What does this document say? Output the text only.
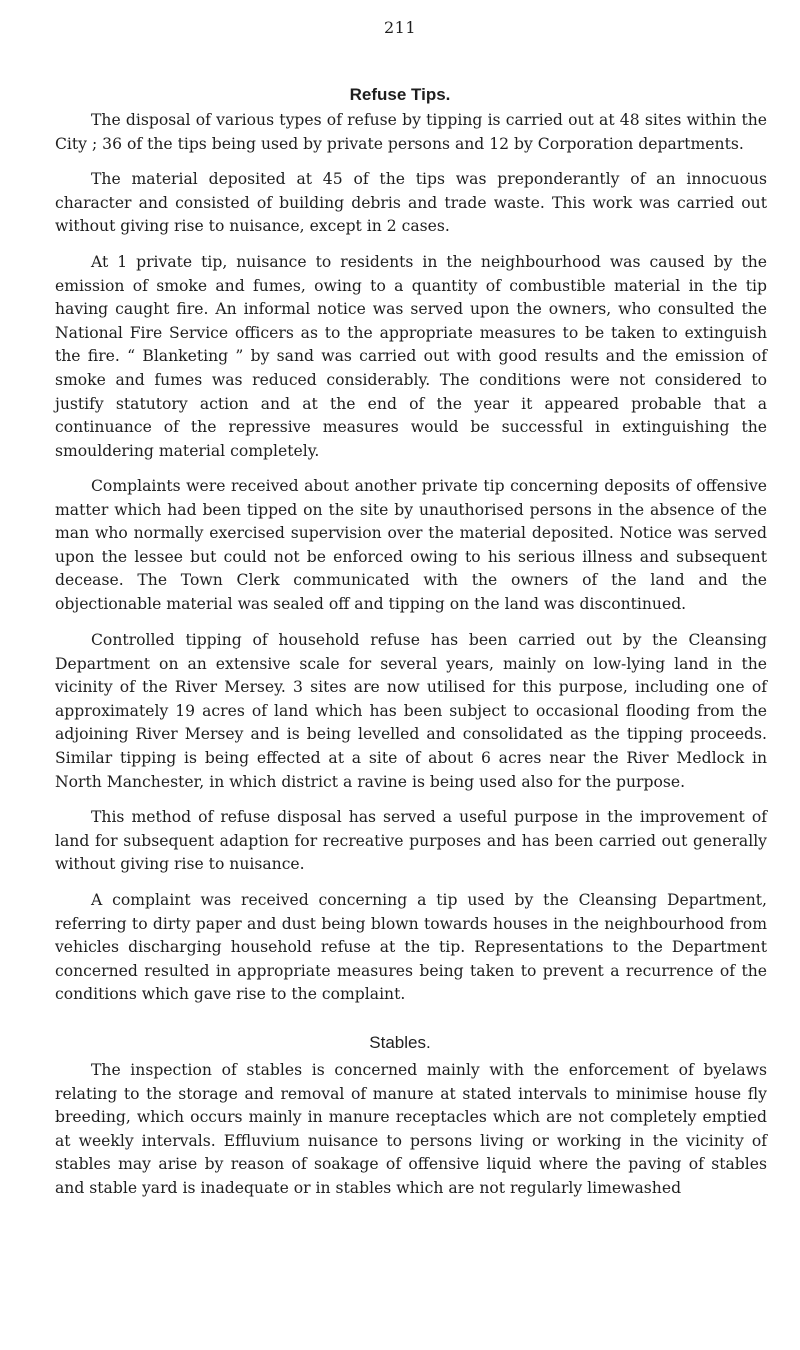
211
Refuse Tips.

The disposal of various types of refuse by tipping is carried out at 48 sites within the City ; 36 of the tips being used by private persons and 12 by Corporation departments.

The material deposited at 45 of the tips was preponderantly of an innocuous character and consisted of building debris and trade waste. This work was carried out without giving rise to nuisance, except in 2 cases.

At 1 private tip, nuisance to residents in the neighbourhood was caused by the emission of smoke and fumes, owing to a quantity of combustible material in the tip having caught fire. An informal notice was served upon the owners, who consulted the National Fire Service officers as to the appropriate measures to be taken to extinguish the fire. “ Blanketing ” by sand was carried out with good results and the emission of smoke and fumes was reduced considerably. The conditions were not considered to justify statutory action and at the end of the year it appeared probable that a continuance of the repressive measures would be successful in extinguishing the smouldering material completely.

Complaints were received about another private tip concerning deposits of offensive matter which had been tipped on the site by unauthorised persons in the absence of the man who normally exercised supervision over the material deposited. Notice was served upon the lessee but could not be enforced owing to his serious illness and subsequent decease. The Town Clerk communicated with the owners of the land and the objectionable material was sealed off and tipping on the land was discontinued.

Controlled tipping of household refuse has been carried out by the Cleansing Department on an extensive scale for several years, mainly on low-lying land in the vicinity of the River Mersey. 3 sites are now utilised for this purpose, including one of approximately 19 acres of land which has been subject to occasional flooding from the adjoining River Mersey and is being levelled and consolidated as the tipping proceeds. Similar tipping is being effected at a site of about 6 acres near the River Medlock in North Manchester, in which district a ravine is being used also for the purpose.

This method of refuse disposal has served a useful purpose in the improvement of land for subsequent adaption for recreative purposes and has been carried out generally without giving rise to nuisance.

A complaint was received concerning a tip used by the Cleansing Department, referring to dirty paper and dust being blown towards houses in the neighbourhood from vehicles discharging household refuse at the tip. Representations to the Department concerned resulted in appropriate measures being taken to prevent a recurrence of the conditions which gave rise to the complaint.

Stables.

The inspection of stables is concerned mainly with the enforcement of byelaws relating to the storage and removal of manure at stated intervals to minimise house fly breeding, which occurs mainly in manure receptacles which are not completely emptied at weekly intervals. Effluvium nuisance to persons living or working in the vicinity of stables may arise by reason of soakage of offensive liquid where the paving of stables and stable yard is inadequate or in stables which are not regularly limewashed
